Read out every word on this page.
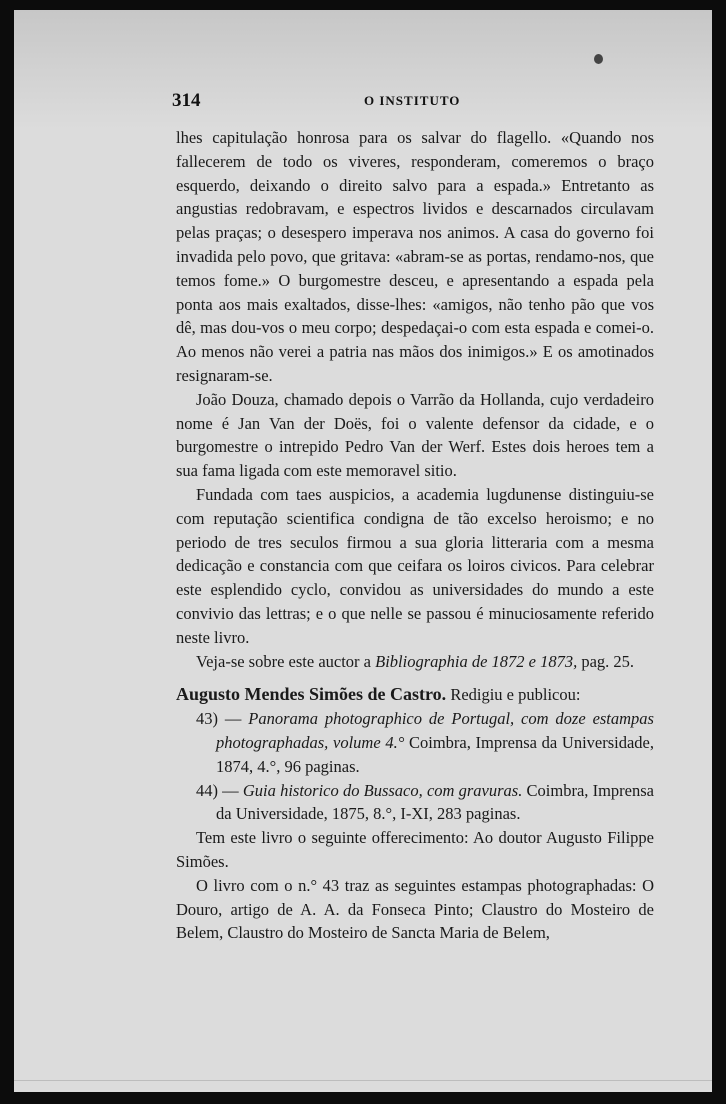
314	O INSTITUTO

lhes capitulação honrosa para os salvar do flagello. «Quando nos fallecerem de todo os viveres, responderam, comeremos o braço esquerdo, deixando o direito salvo para a espada.» Entretanto as angustias redobravam, e espectros lividos e descarnados circulavam pelas praças; o desespero imperava nos animos. A casa do governo foi invadida pelo povo, que gritava: «abram-se as portas, rendamo-nos, que temos fome.» O burgomestre desceu, e apresentando a espada pela ponta aos mais exaltados, disse-lhes: «amigos, não tenho pão que vos dê, mas dou-vos o meu corpo; despedaçai-o com esta espada e comei-o. Ao menos não verei a patria nas mãos dos inimigos.» E os amotinados resignaram-se.

João Douza, chamado depois o Varrão da Hollanda, cujo verdadeiro nome é Jan Van der Doës, foi o valente defensor da cidade, e o burgomestre o intrepido Pedro Van der Werf. Estes dois heroes tem a sua fama ligada com este memoravel sitio.

Fundada com taes auspicios, a academia lugdunense distinguiu-se com reputação scientifica condigna de tão excelso heroismo; e no periodo de tres seculos firmou a sua gloria litteraria com a mesma dedicação e constancia com que ceifara os loiros civicos. Para celebrar este esplendido cyclo, convidou as universidades do mundo a este convivio das lettras; e o que nelle se passou é minuciosamente referido neste livro.

Veja-se sobre este auctor a Bibliographia de 1872 e 1873, pag. 25.

Augusto Mendes Simões de Castro. Redigiu e publicou:

43) — Panorama photographico de Portugal, com doze estampas photographadas, volume 4.° Coimbra, Imprensa da Universidade, 1874, 4.°, 96 paginas.

44) — Guia historico do Bussaco, com gravuras. Coimbra, Imprensa da Universidade, 1875, 8.°, I-XI, 283 paginas.

Tem este livro o seguinte offerecimento: Ao doutor Augusto Filippe Simões.

O livro com o n.° 43 traz as seguintes estampas photographadas: O Douro, artigo de A. A. da Fonseca Pinto; Claustro do Mosteiro de Belem, Claustro do Mosteiro de Sancta Maria de Belem,
